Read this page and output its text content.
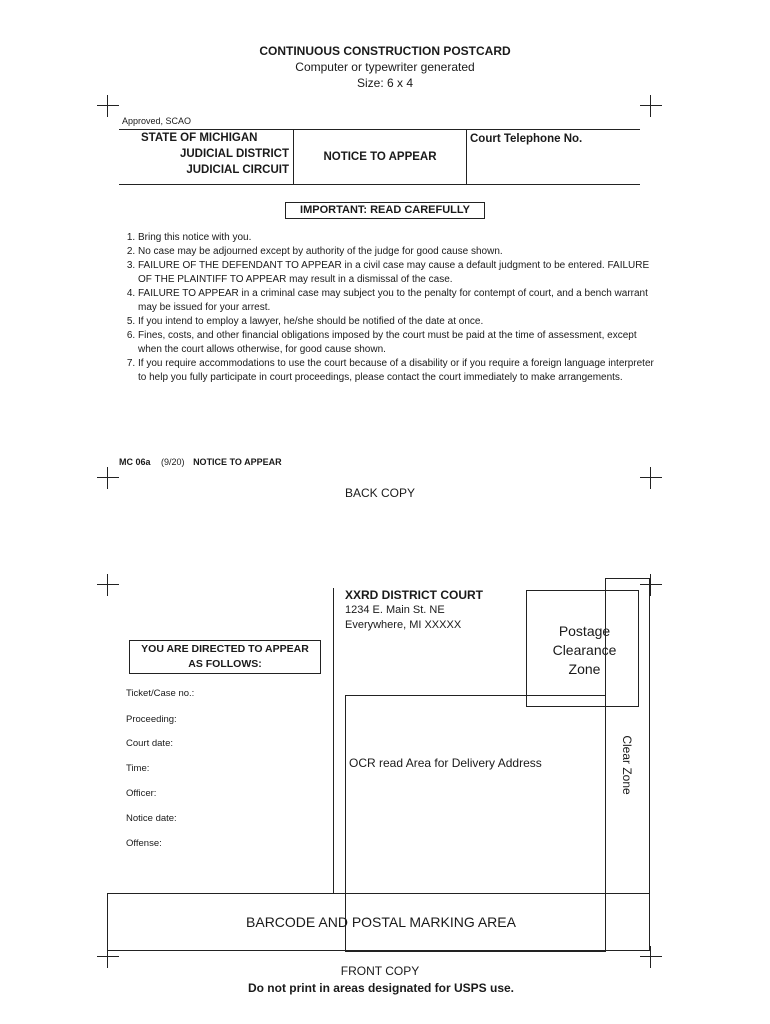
CONTINUOUS CONSTRUCTION POSTCARD
Computer or typewriter generated
Size: 6 x 4
Approved, SCAO
STATE OF MICHIGAN
JUDICIAL DISTRICT
JUDICIAL CIRCUIT
NOTICE TO APPEAR
Court Telephone No.
IMPORTANT: READ CAREFULLY
1. Bring this notice with you.
2. No case may be adjourned except by authority of the judge for good cause shown.
3. FAILURE OF THE DEFENDANT TO APPEAR in a civil case may cause a default judgment to be entered. FAILURE OF THE PLAINTIFF TO APPEAR may result in a dismissal of the case.
4. FAILURE TO APPEAR in a criminal case may subject you to the penalty for contempt of court, and a bench warrant may be issued for your arrest.
5. If you intend to employ a lawyer, he/she should be notified of the date at once.
6. Fines, costs, and other financial obligations imposed by the court must be paid at the time of assessment, except when the court allows otherwise, for good cause shown.
7. If you require accommodations to use the court because of a disability or if you require a foreign language interpreter to help you fully participate in court proceedings, please contact the court immediately to make arrangements.
MC 06a (9/20) NOTICE TO APPEAR
BACK COPY
XXRD DISTRICT COURT
1234 E. Main St. NE
Everywhere, MI XXXXX
YOU ARE DIRECTED TO APPEAR AS FOLLOWS:
Ticket/Case no.:
Proceeding:
Court date:
Time:
Officer:
Notice date:
Offense:
Postage
Clearance
Zone
Clear Zone
OCR read Area for Delivery Address
BARCODE AND POSTAL MARKING AREA
FRONT COPY
Do not print in areas designated for USPS use.
